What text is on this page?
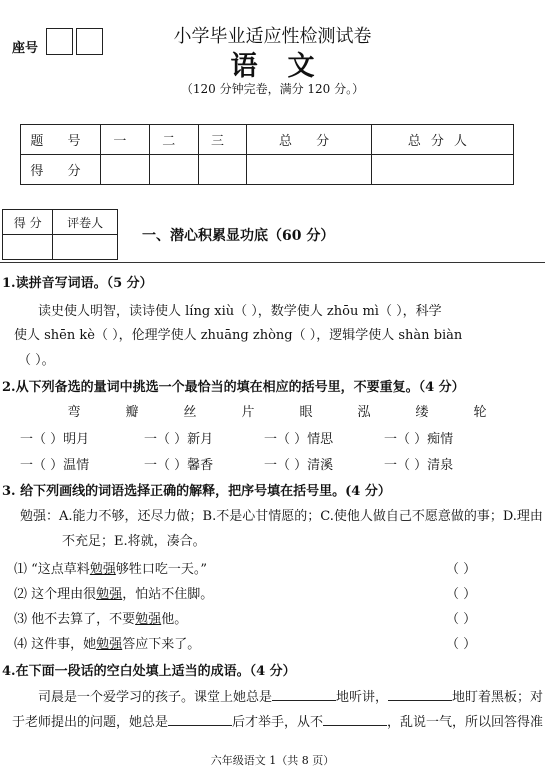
座号
小学毕业适应性检测试卷
语文
（120 分钟完卷，满分 120 分。）
题 号	一	二	三	总 分	总分人
得 分					
得 分	评卷人

一、潜心积累显功底（60 分）
1.读拼音写词语。（5 分）
读史使人明智，读诗使人 líng xiù（ ），数学使人 zhōu mì（ ），科学
使人 shēn kè（ ），伦理学使人 zhuāng zhòng（ ），逻辑学使人 shàn biàn
（ ）。
2.从下列备选的量词中挑选一个最恰当的填在相应的括号里，不要重复。（4 分）
弯	瓣	丝	片	眼	泓	缕	轮
一（ ）明月	一（ ）新月	一（ ）情思	一（ ）痴情
一（ ）温情	一（ ）馨香	一（ ）清溪	一（ ）清泉
3. 给下列画线的词语选择正确的解释，把序号填在括号里。(4 分）
勉强：A.能力不够，还尽力做；B.不是心甘情愿的；C.使他人做自己不愿意做的事；D.理由
不充足；E.将就，凑合。
⑴ “这点草料勉强够牲口吃一天。”	（ ）
⑵ 这个理由很勉强，怕站不住脚。	（ ）
⑶ 他不去算了，不要勉强他。	（ ）
⑷ 这件事，她勉强答应下来了。	（ ）
4.在下面一段话的空白处填上适当的成语。（4 分）
司晨是一个爱学习的孩子。课堂上她总是	地听讲，	地盯着黑板；对
于老师提出的问题，她总是	后才举手，从不	，乱说一气，所以回答得准
六年级语文 1（共 8 页）
